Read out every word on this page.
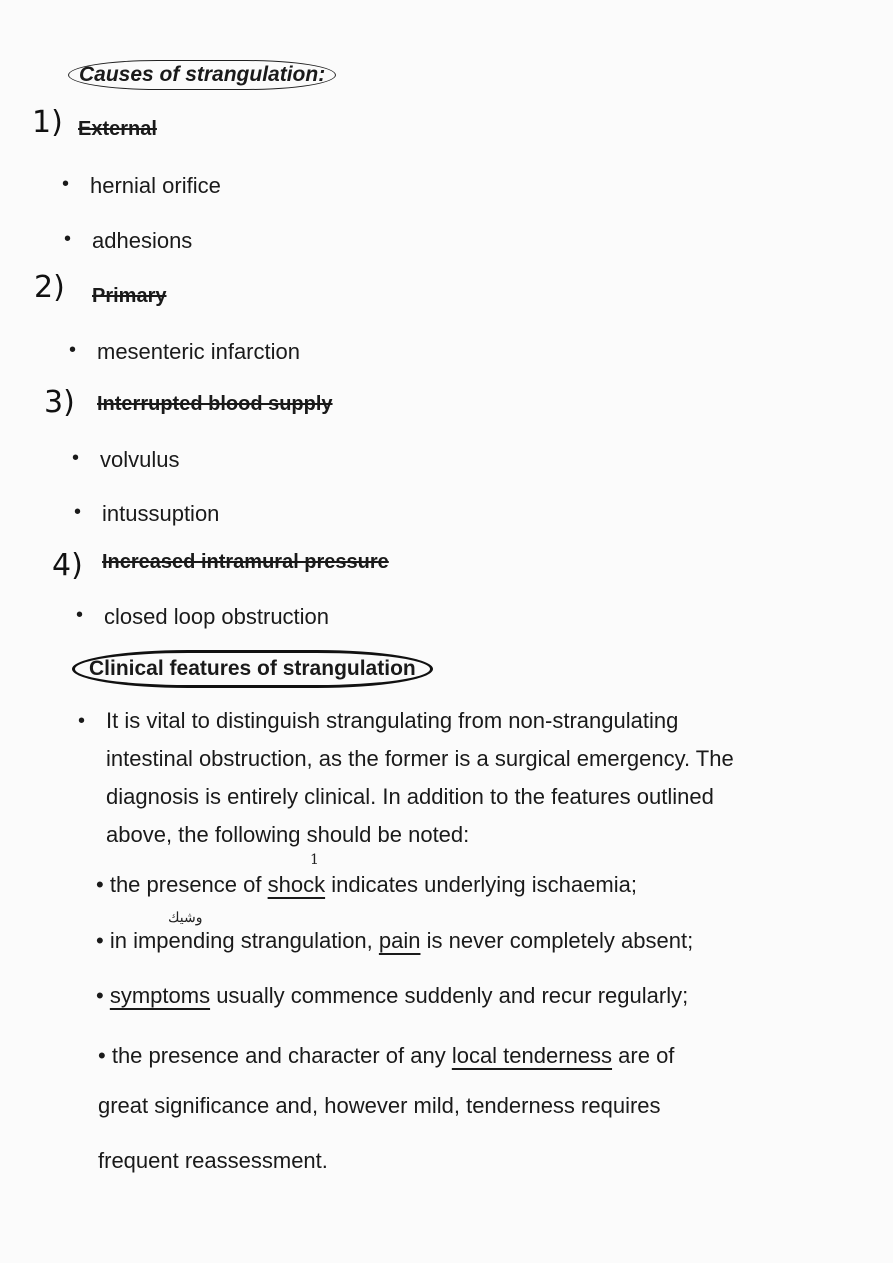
Causes of strangulation:
1) External
• hernial orifice
• adhesions
2) Primary
• mesenteric infarction
3) Interrupted blood supply
• volvulus
• intussuption
4) Increased intramural pressure
• closed loop obstruction
Clinical features of strangulation
• It is vital to distinguish strangulating from non-strangulating intestinal obstruction, as the former is a surgical emergency. The diagnosis is entirely clinical. In addition to the features outlined above, the following should be noted:
1
• the presence of shock indicates underlying ischaemia;
وشيك
• in impending strangulation, pain is never completely absent;
• symptoms usually commence suddenly and recur regularly;
• the presence and character of any local tenderness are of
great significance and, however mild, tenderness requires
frequent reassessment.
